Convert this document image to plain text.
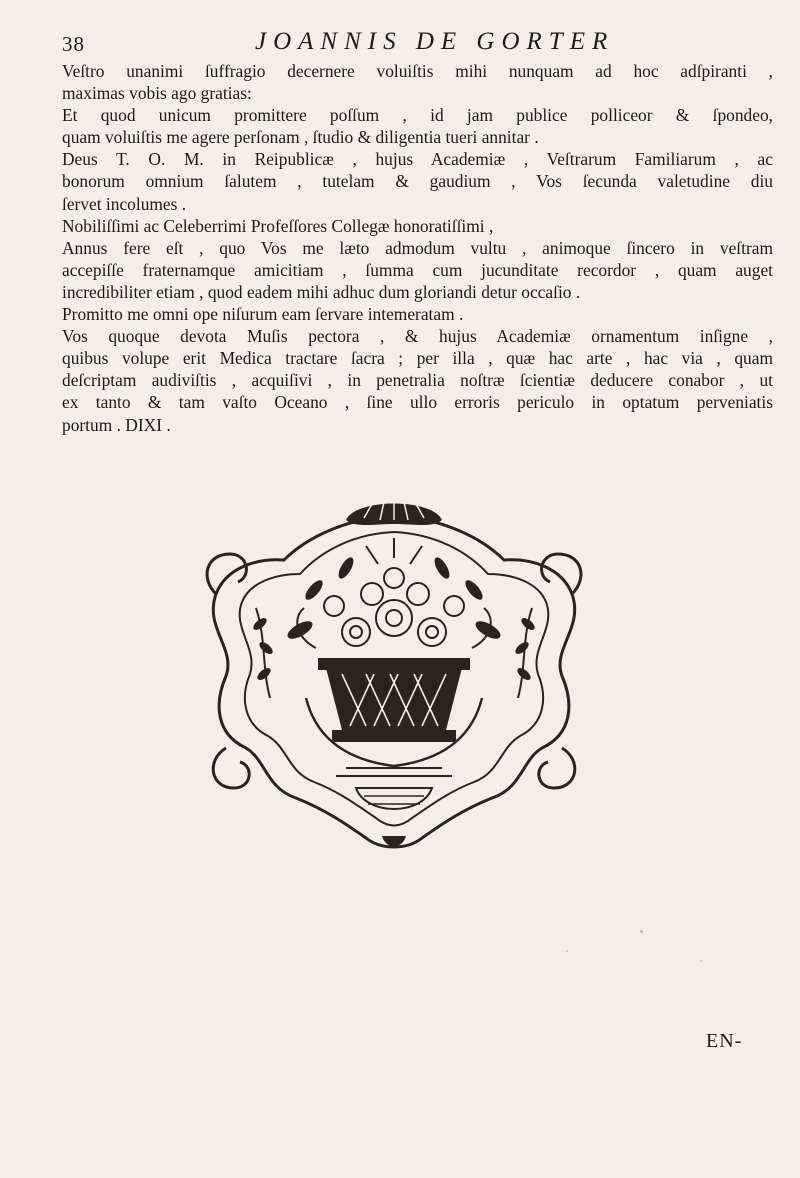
38	JOANNIS DE GORTER
Veſtro unanimi ſuffragio decernere voluiſtis mihi nunquam ad hoc adſpiranti ,
maximas vobis ago gratias:
Et quod unicum promittere poſſum , id jam publice polliceor & ſpondeo,
quam voluiſtis me agere perſonam , ſtudio & diligentia tueri annitar .
Deus T. O. M. in Reipublicæ , hujus Academiæ , Veſtrarum Familiarum , ac
bonorum omnium ſalutem , tutelam & gaudium , Vos ſecunda valetudine diu
ſervet incolumes .
Nobiliſſimi ac Celeberrimi Profeſſores Collegæ honoratiſſimi ,
Annus fere eſt , quo Vos me læto admodum vultu , animoque ſincero in veſtram
accepiſſe fraternamque amicitiam , ſumma cum jucunditate recordor , quam auget
incredibiliter etiam , quod eadem mihi adhuc dum gloriandi detur occaſio .
Promitto me omni ope niſurum eam ſervare intemeratam .
Vos quoque devota Muſis pectora , & hujus Academiæ ornamentum inſigne ,
quibus volupe erit Medica tractare ſacra ; per illa , quæ hac arte , hac via , quam
deſcriptam audiviſtis , acquiſivi , in penetralia noſtræ ſcientiæ deducere conabor , ut
ex tanto & tam vaſto Oceano , ſine ullo erroris periculo in optatum perveniatis
portum . DIXI .
EN-
